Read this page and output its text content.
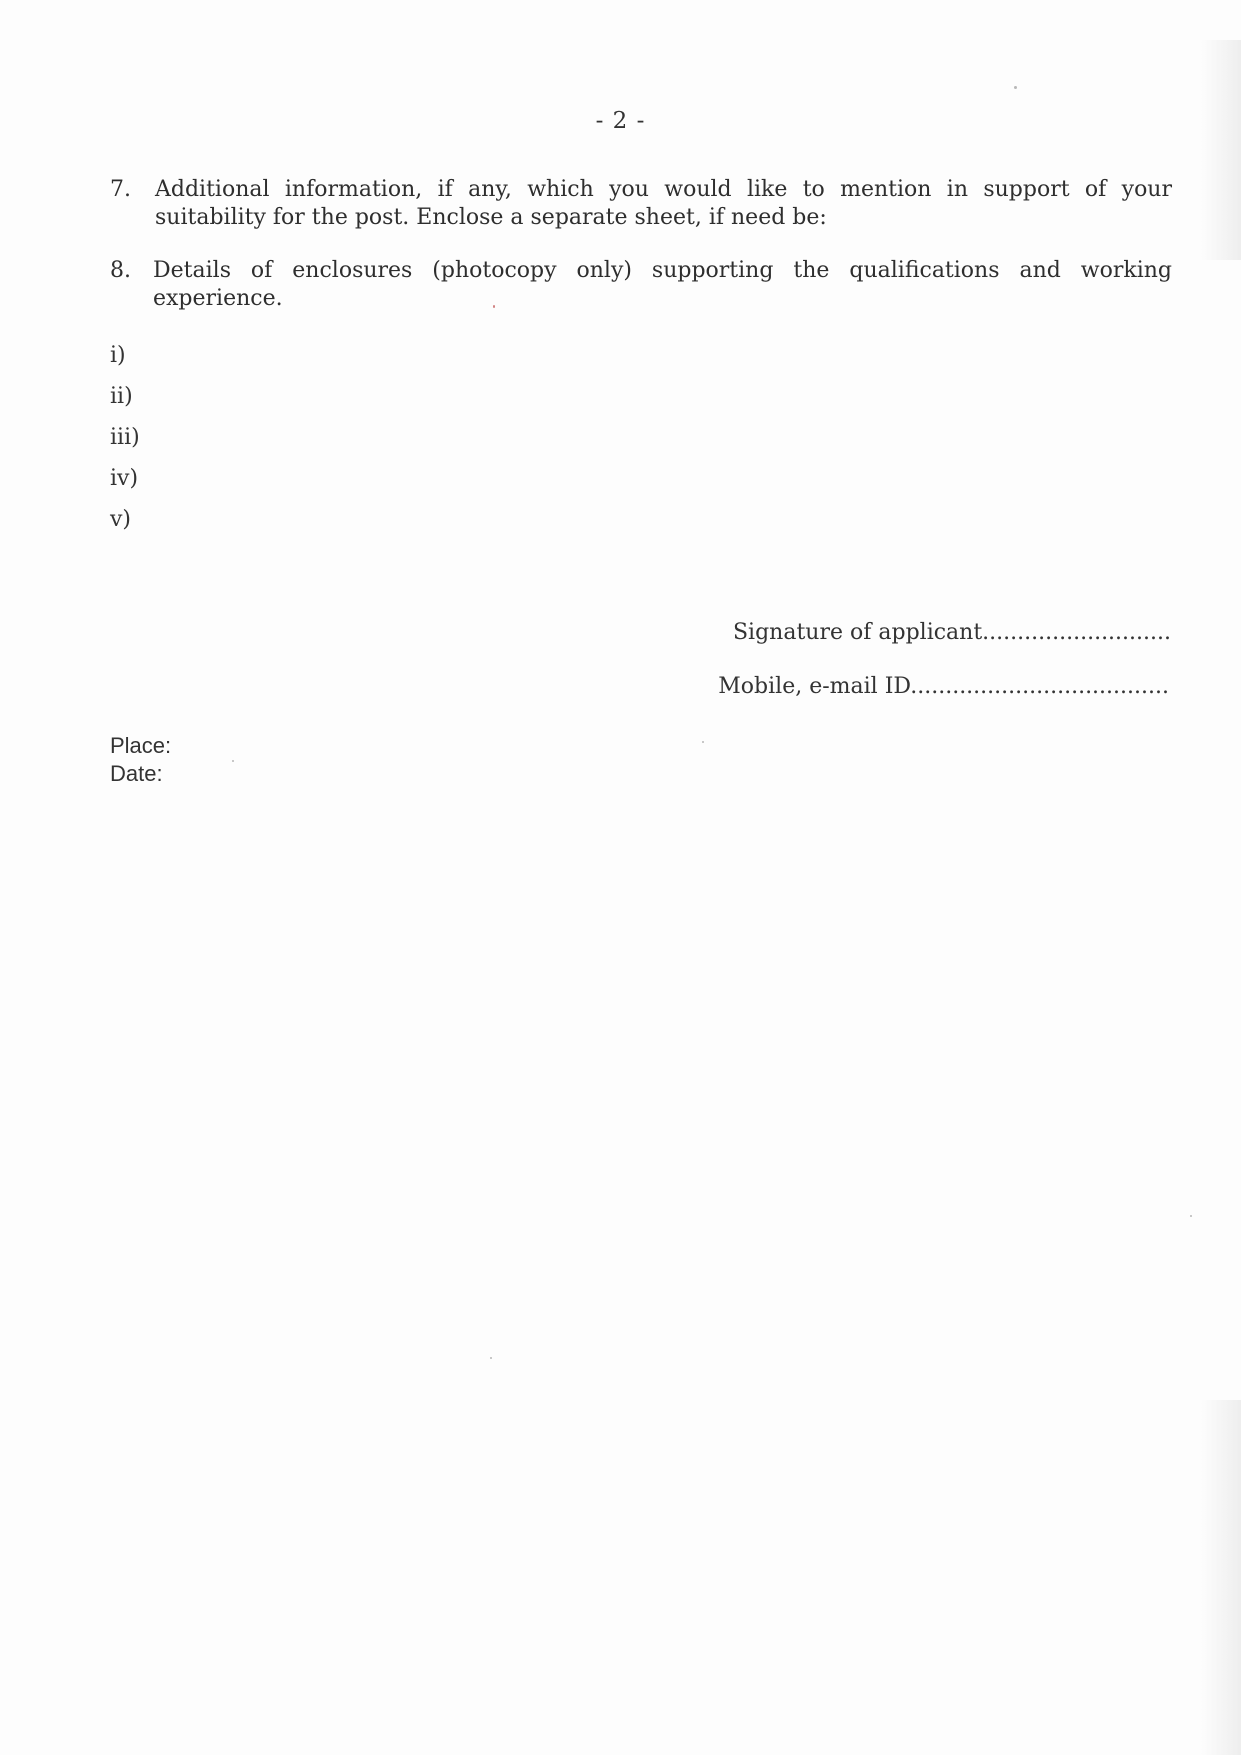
- 2 -
7.	Additional information, if any, which you would like to mention in support of your suitability for the post. Enclose a separate sheet, if need be:
8.	Details of enclosures (photocopy only) supporting the qualifications and working experience.
i)
ii)
iii)
iv)
v)
Signature of applicant...........................
Mobile, e-mail ID.....................................
Place:
Date:
